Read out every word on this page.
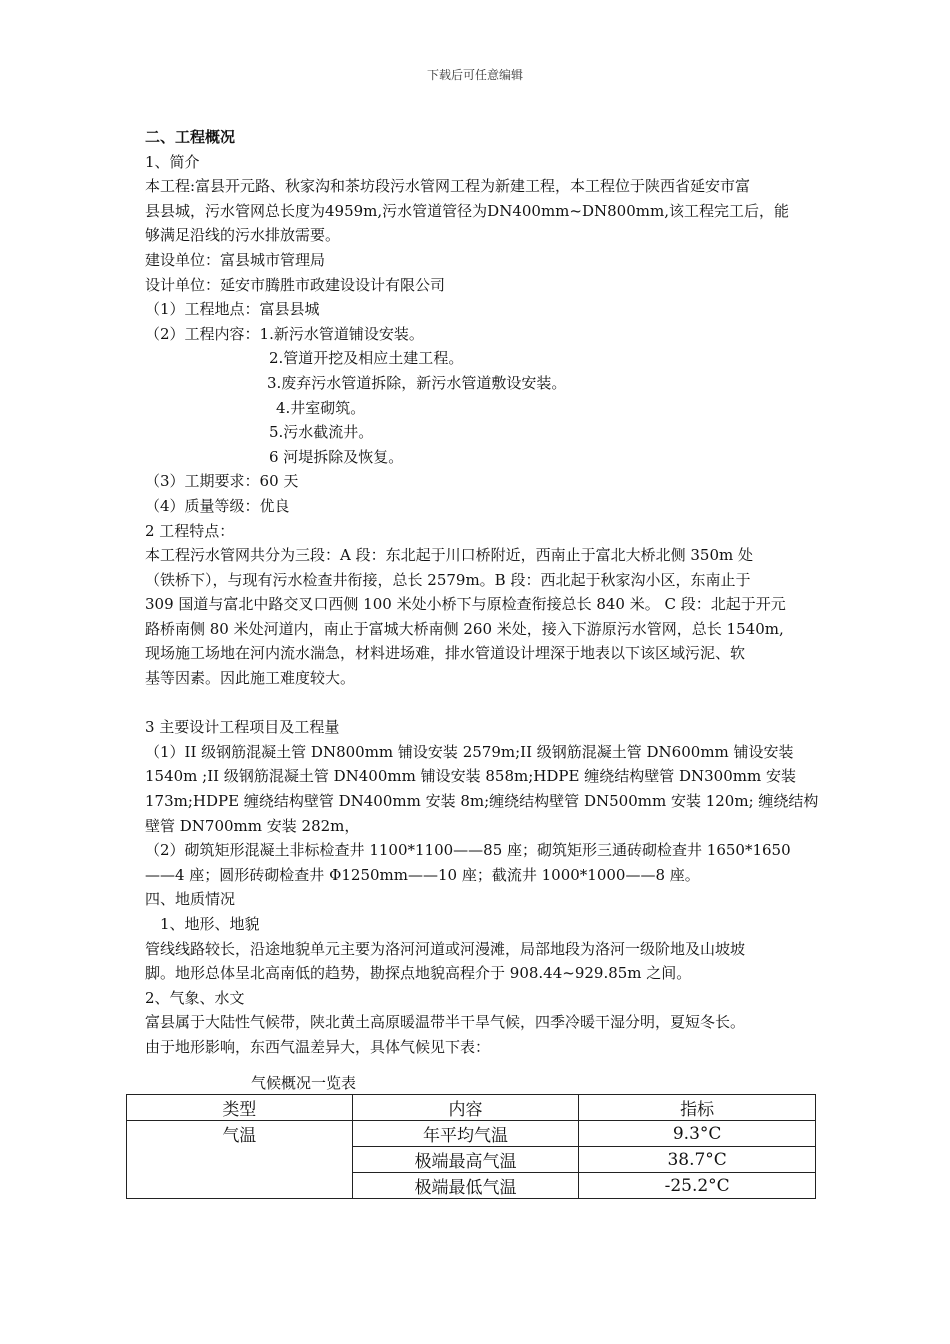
下载后可任意编辑

二、工程概况

1、简介

本工程:富县开元路、秋家沟和茶坊段污水管网工程为新建工程，本工程位于陕西省延安市富

县县城，污水管网总长度为4959m,污水管道管径为DN400mm~DN800mm,该工程完工后，能

够满足沿线的污水排放需要。

建设单位：富县城市管理局

设计单位：延安市腾胜市政建设设计有限公司

（1）工程地点：富县县城

（2）工程内容：1.新污水管道铺设安装。

2.管道开挖及相应土建工程。

3.废弃污水管道拆除，新污水管道敷设安装。

4.井室砌筑。

5.污水截流井。

6 河堤拆除及恢复。

（3）工期要求：60 天

（4）质量等级：优良

2 工程特点：

本工程污水管网共分为三段：A 段：东北起于川口桥附近，西南止于富北大桥北侧 350m 处

（铁桥下），与现有污水检查井衔接，总长 2579m。B 段：西北起于秋家沟小区，东南止于

309 国道与富北中路交叉口西侧 100 米处小桥下与原检查衔接总长 840 米。 C 段：北起于开元

路桥南侧 80 米处河道内，南止于富城大桥南侧 260 米处，接入下游原污水管网，总长 1540m,

现场施工场地在河内流水湍急，材料进场难，排水管道设计埋深于地表以下该区域污泥、软

基等因素。因此施工难度较大。

3 主要设计工程项目及工程量

（1）II 级钢筋混凝土管 DN800mm 铺设安装 2579m;II 级钢筋混凝土管 DN600mm 铺设安装

1540m ;II 级钢筋混凝土管 DN400mm 铺设安装 858m;HDPE 缠绕结构壁管 DN300mm 安装

173m;HDPE 缠绕结构壁管 DN400mm 安装 8m;缠绕结构壁管 DN500mm 安装 120m; 缠绕结构

壁管 DN700mm 安装 282m，

（2）砌筑矩形混凝土非标检查井 1100*1100——85 座；砌筑矩形三通砖砌检查井 1650*1650

——4 座；圆形砖砌检查井 Φ1250mm——10 座；截流井 1000*1000——8 座。

四、地质情况

1、地形、地貌

管线线路较长，沿途地貌单元主要为洛河河道或河漫滩，局部地段为洛河一级阶地及山坡坡

脚。地形总体呈北高南低的趋势，勘探点地貌高程介于 908.44~929.85m 之间。

2、气象、水文

富县属于大陆性气候带，陕北黄土高原暖温带半干旱气候，四季冷暖干湿分明，夏短冬长。

由于地形影响，东西气温差异大，具体气候见下表：

气候概况一览表
类型	内容	指标
气温	年平均气温	9.3°C
	极端最高气温	38.7°C
	极端最低气温	-25.2°C
